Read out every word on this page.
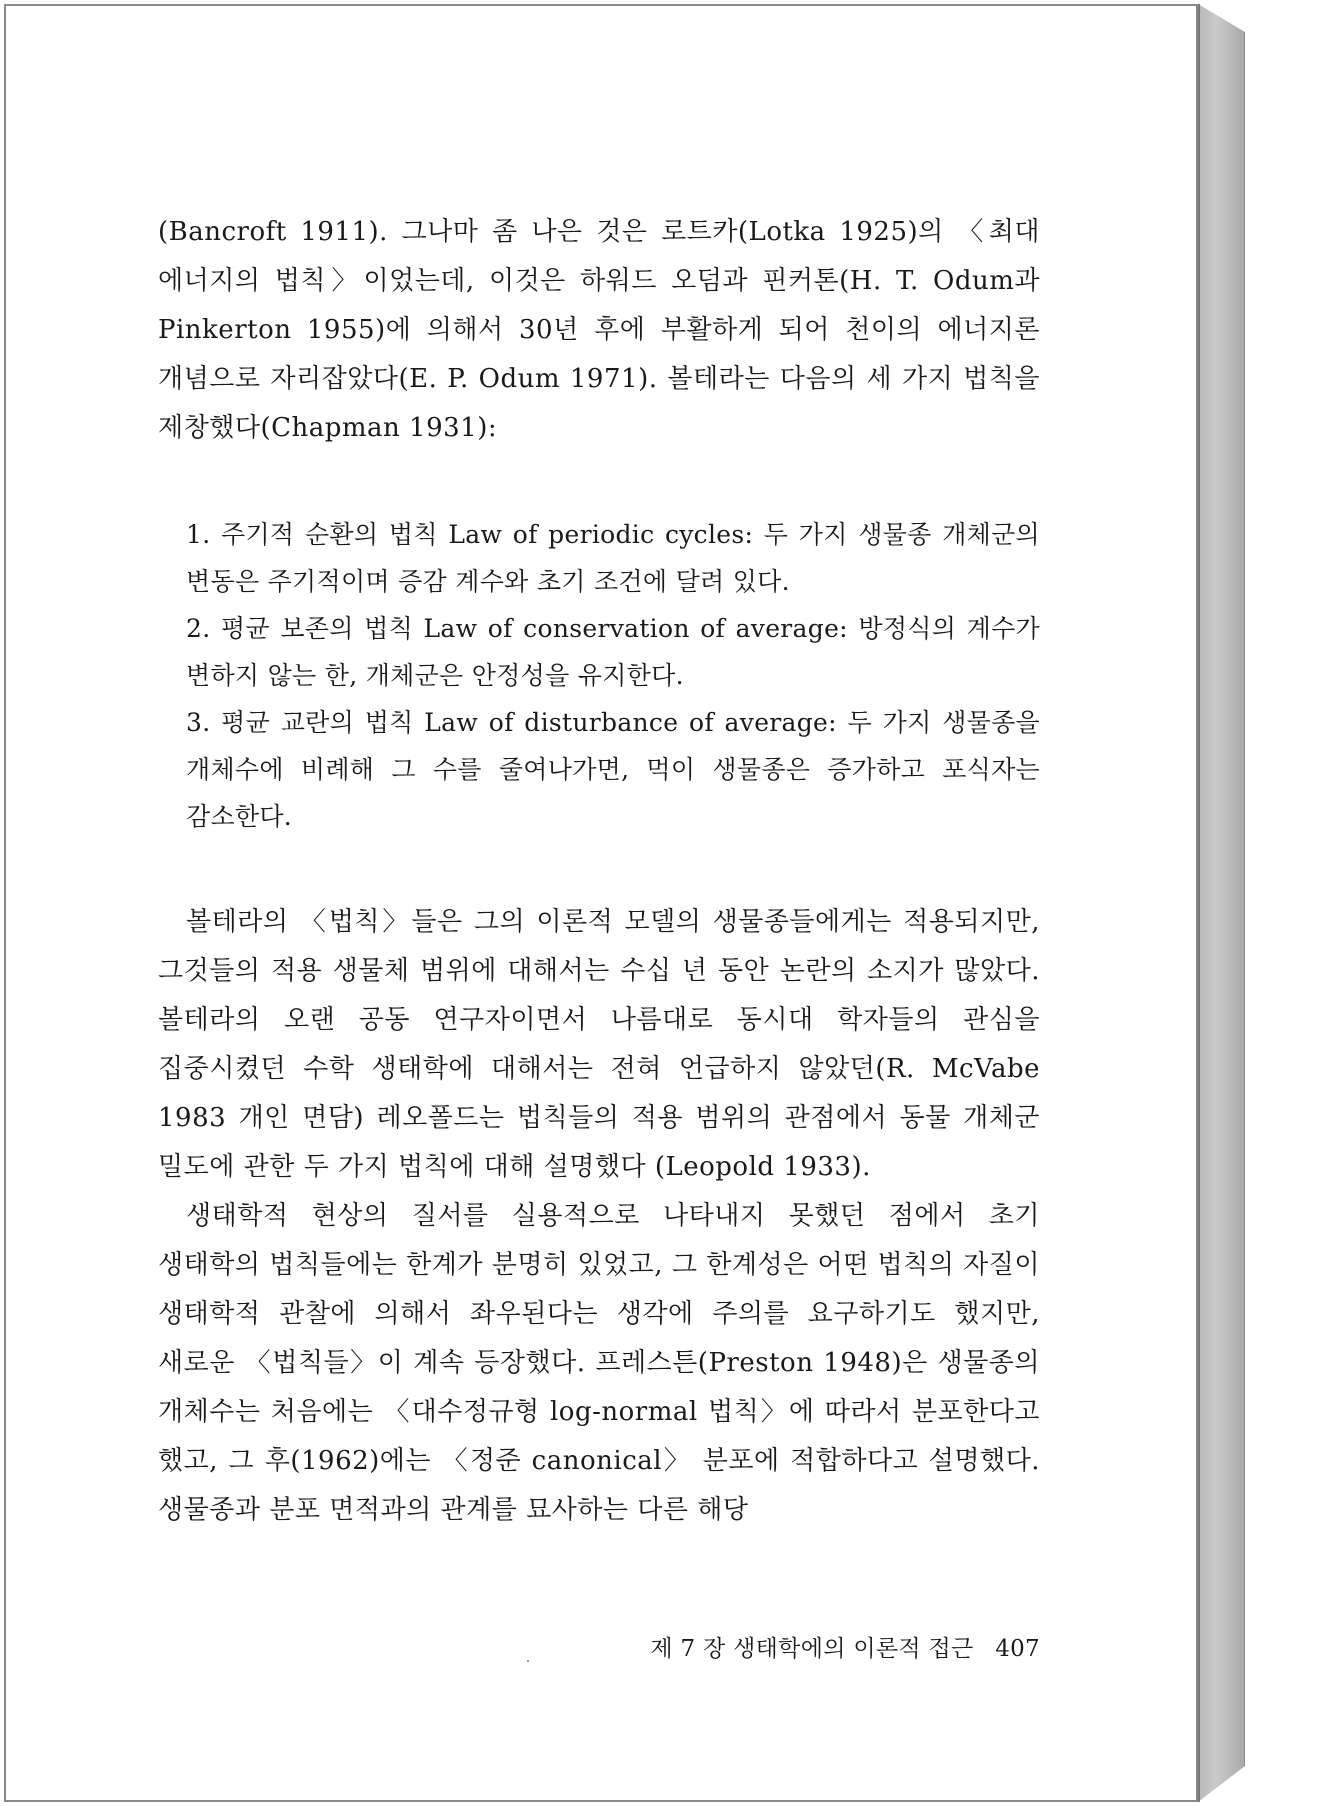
(Bancroft 1911). 그나마 좀 나은 것은 로트카(Lotka 1925)의 〈최대 에너지의 법칙〉이었는데, 이것은 하워드 오덤과 핀커톤(H. T. Odum과 Pinkerton 1955)에 의해서 30년 후에 부활하게 되어 천이의 에너지론 개념으로 자리잡았다(E. P. Odum 1971). 볼테라는 다음의 세 가지 법칙을 제창했다(Chapman 1931):

1. 주기적 순환의 법칙 Law of periodic cycles: 두 가지 생물종 개체군의 변동은 주기적이며 증감 계수와 초기 조건에 달려 있다.
2. 평균 보존의 법칙 Law of conservation of average: 방정식의 계수가 변하지 않는 한, 개체군은 안정성을 유지한다.
3. 평균 교란의 법칙 Law of disturbance of average: 두 가지 생물종을 개체수에 비례해 그 수를 줄여나가면, 먹이 생물종은 증가하고 포식자는 감소한다.

볼테라의 〈법칙〉들은 그의 이론적 모델의 생물종들에게는 적용되지만, 그것들의 적용 생물체 범위에 대해서는 수십 년 동안 논란의 소지가 많았다. 볼테라의 오랜 공동 연구자이면서 나름대로 동시대 학자들의 관심을 집중시켰던 수학 생태학에 대해서는 전혀 언급하지 않았던(R. McVabe 1983 개인 면담) 레오폴드는 법칙들의 적용 범위의 관점에서 동물 개체군 밀도에 관한 두 가지 법칙에 대해 설명했다 (Leopold 1933).

생태학적 현상의 질서를 실용적으로 나타내지 못했던 점에서 초기 생태학의 법칙들에는 한계가 분명히 있었고, 그 한계성은 어떤 법칙의 자질이 생태학적 관찰에 의해서 좌우된다는 생각에 주의를 요구하기도 했지만, 새로운 〈법칙들〉이 계속 등장했다. 프레스튼(Preston 1948)은 생물종의 개체수는 처음에는 〈대수정규형 log-normal 법칙〉에 따라서 분포한다고 했고, 그 후(1962)에는 〈정준 canonical〉 분포에 적합하다고 설명했다. 생물종과 분포 면적과의 관계를 묘사하는 다른 해당

제 7 장 생태학에의 이론적 접근 407
